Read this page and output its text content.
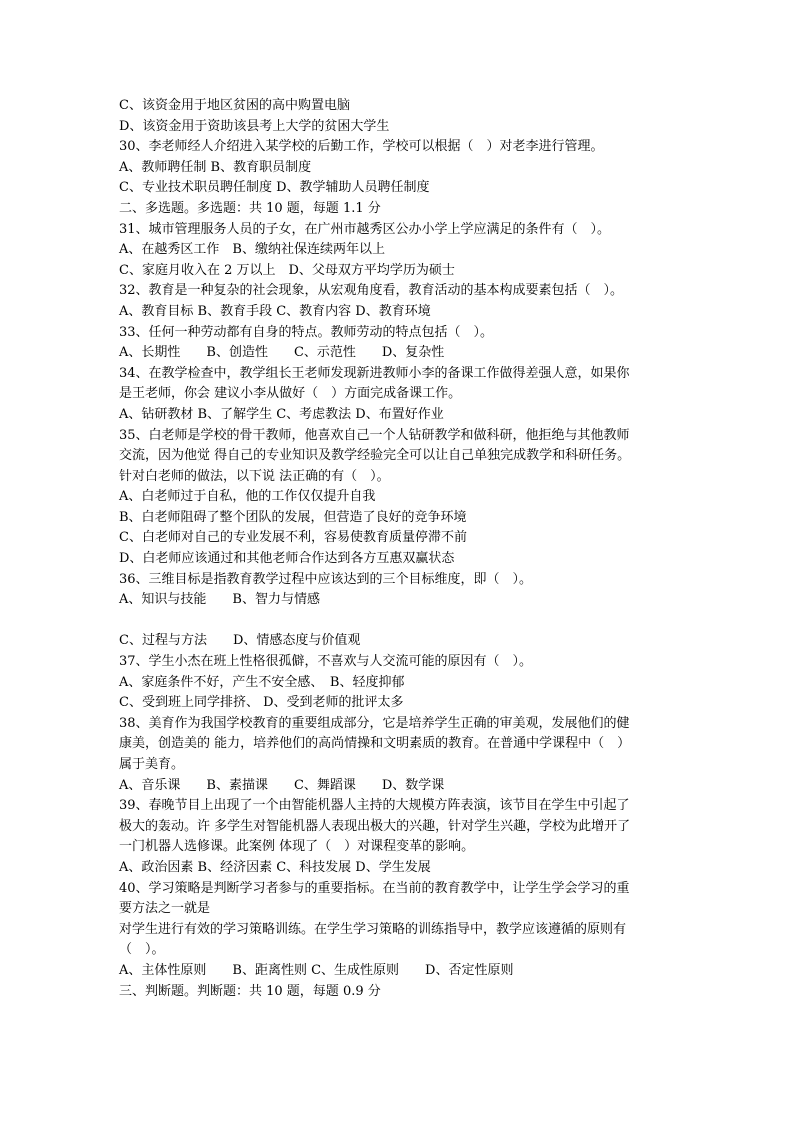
C、该资金用于地区贫困的高中购置电脑
D、该资金用于资助该县考上大学的贫困大学生
30、李老师经人介绍进入某学校的后勤工作，学校可以根据（　）对老李进行管理。
A、教师聘任制 B、教育职员制度
C、专业技术职员聘任制度 D、教学辅助人员聘任制度
二、多选题。多选题：共 10 题，每题 1.1 分
31、城市管理服务人员的子女，在广州市越秀区公办小学上学应满足的条件有（　）。
A、在越秀区工作　B、缴纳社保连续两年以上
C、家庭月收入在 2 万以上　D、父母双方平均学历为硕士
32、教育是一种复杂的社会现象，从宏观角度看，教育活动的基本构成要素包括（　）。
A、教育目标 B、教育手段 C、教育内容 D、教育环境
33、任何一种劳动都有自身的特点。教师劳动的特点包括（　）。
A、长期性　　B、创造性　　C、示范性　　D、复杂性
34、在教学检查中，教学组长王老师发现新进教师小李的备课工作做得差强人意，如果你
是王老师，你会 建议小李从做好（　）方面完成备课工作。
A、钻研教材 B、了解学生 C、考虑教法 D、布置好作业
35、白老师是学校的骨干教师，他喜欢自己一个人钻研教学和做科研，他拒绝与其他教师
交流，因为他觉 得自己的专业知识及教学经验完全可以让自己单独完成教学和科研任务。
针对白老师的做法，以下说 法正确的有（　）。
A、白老师过于自私，他的工作仅仅提升自我
B、白老师阻碍了整个团队的发展，但营造了良好的竞争环境
C、白老师对自己的专业发展不利，容易使教育质量停滞不前
D、白老师应该通过和其他老师合作达到各方互惠双赢状态
36、三维目标是指教育教学过程中应该达到的三个目标维度，即（　）。
A、知识与技能　　B、智力与情感
C、过程与方法　　D、情感态度与价值观
37、学生小杰在班上性格很孤僻，不喜欢与人交流可能的原因有（　）。
A、家庭条件不好，产生不安全感、　B、轻度抑郁
C、受到班上同学排挤、 D、受到老师的批评太多
38、美育作为我国学校教育的重要组成部分，它是培养学生正确的审美观，发展他们的健
康美，创造美的 能力，培养他们的高尚情操和文明素质的教育。在普通中学课程中（　）
属于美育。
A、音乐课　　B、素描课　　C、舞蹈课　　D、数学课
39、春晚节目上出现了一个由智能机器人主持的大规模方阵表演，该节目在学生中引起了
极大的轰动。许 多学生对智能机器人表现出极大的兴趣，针对学生兴趣，学校为此增开了
一门机器人选修课。此案例 体现了（　）对课程变革的影响。
A、政治因素 B、经济因素 C、科技发展 D、学生发展
40、学习策略是判断学习者参与的重要指标。在当前的教育教学中，让学生学会学习的重
要方法之一就是
对学生进行有效的学习策略训练。在学生学习策略的训练指导中，教学应该遵循的原则有
（　）。
A、主体性原则　　B、距离性则 C、生成性原则　　D、否定性原则
三、判断题。判断题：共 10 题，每题 0.9 分
